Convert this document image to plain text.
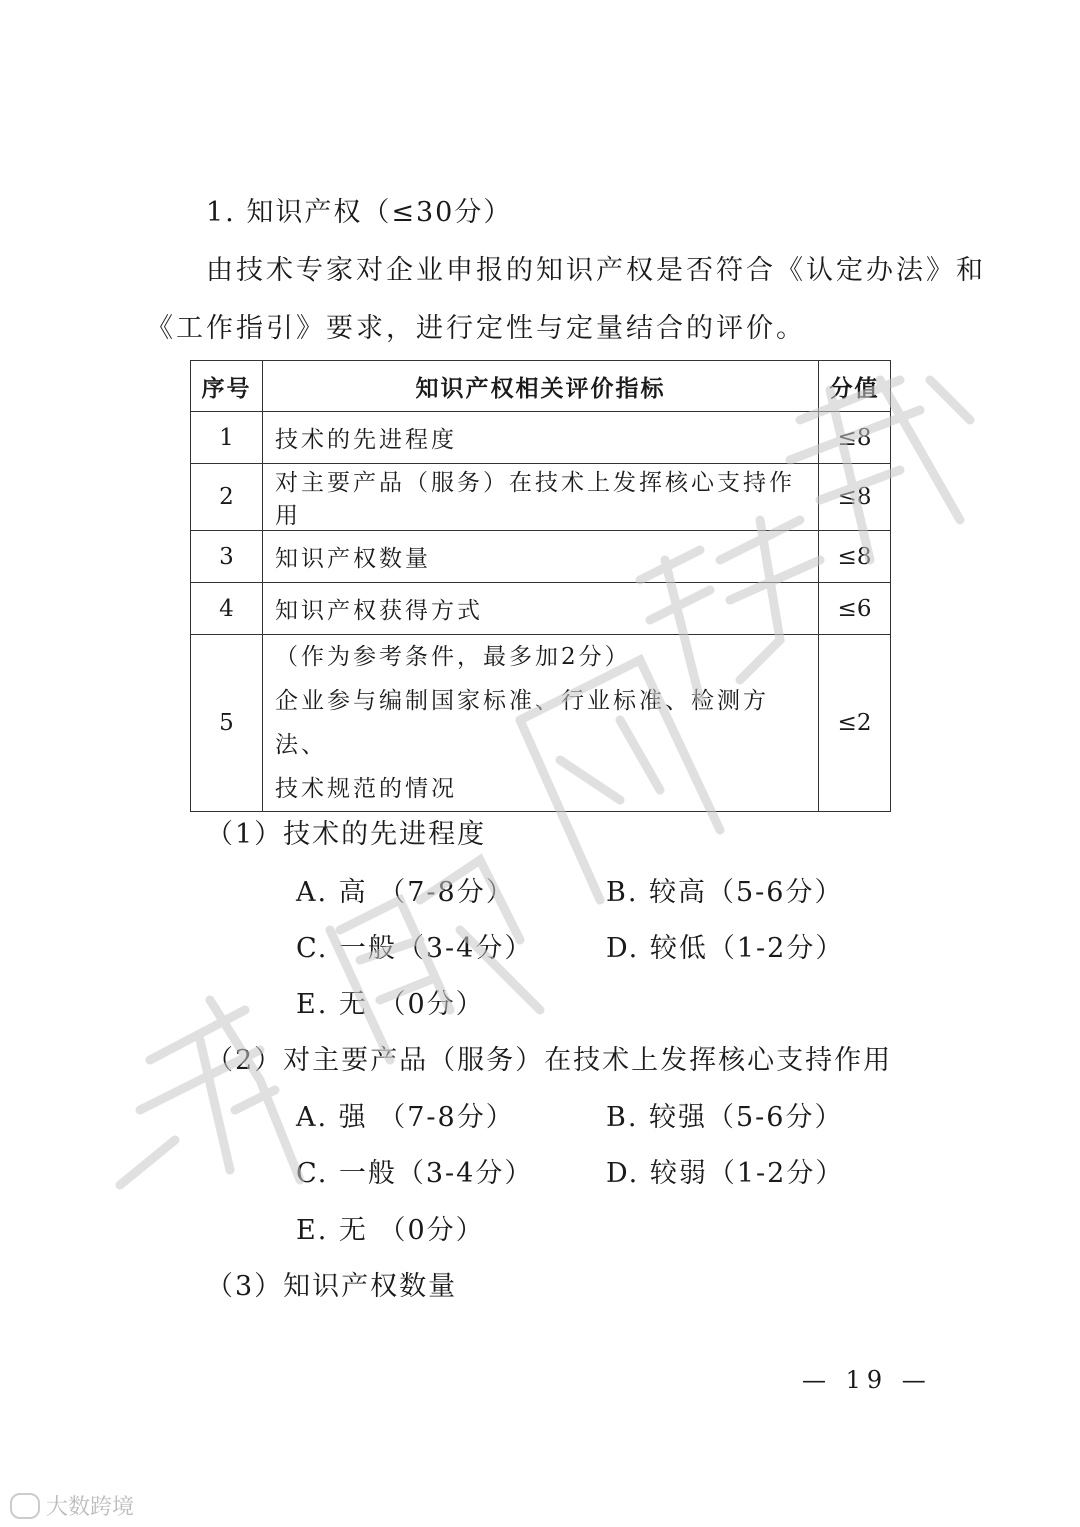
1. 知识产权（≤30分）
由技术专家对企业申报的知识产权是否符合《认定办法》和
《工作指引》要求，进行定性与定量结合的评价。
序号	知识产权相关评价指标	分值
1	技术的先进程度	≤8
2	对主要产品（服务）在技术上发挥核心支持作用	≤8
3	知识产权数量	≤8
4	知识产权获得方式	≤6
5	（作为参考条件，最多加2分）
企业参与编制国家标准、行业标准、检测方法、
技术规范的情况	≤2
（1）技术的先进程度
A. 高 （7-8分）	B. 较高（5-6分）
C. 一般（3-4分）	D. 较低（1-2分）
E. 无 （0分）
（2）对主要产品（服务）在技术上发挥核心支持作用
A. 强 （7-8分）	B. 较强（5-6分）
C. 一般（3-4分）	D. 较弱（1-2分）
E. 无 （0分）
（3）知识产权数量
— 19 —
大数跨境
